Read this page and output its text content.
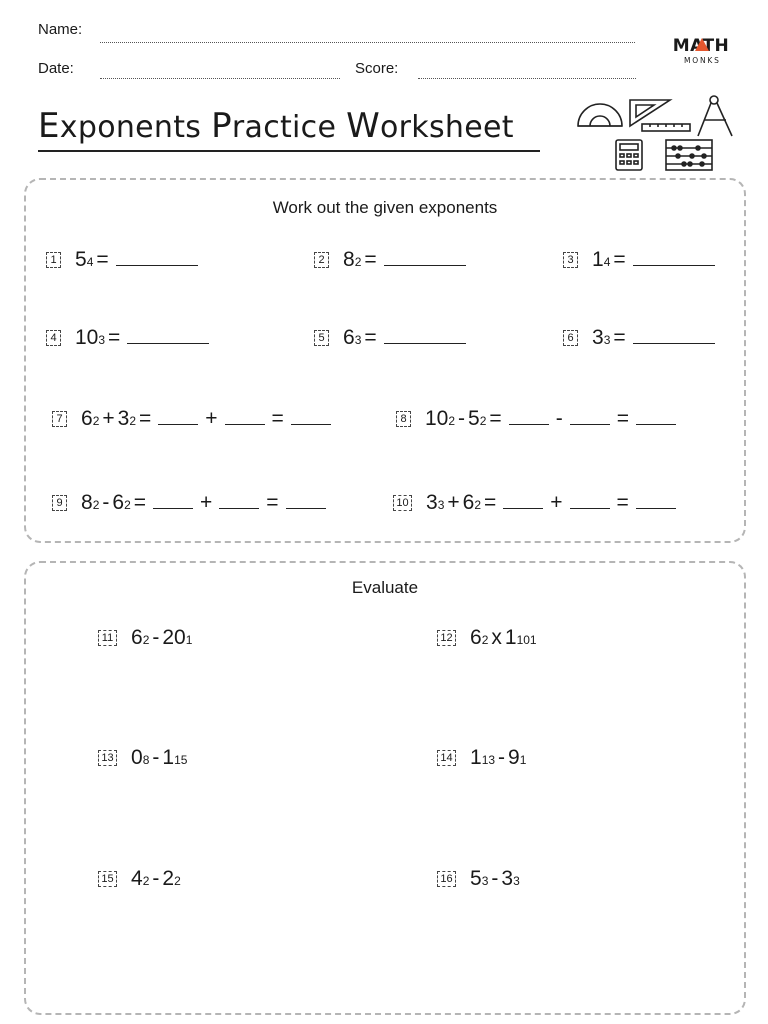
Name:
Date:	Score:
MATH
MONKS
Exponents Practice Worksheet
Work out the given exponents
1 5 4 =	2 8 2 =	3 1 4 =
4 10 3 =	5 6 3 =	6 3 3 =
7 6 2 + 3 2 =	+	=	8 10 2 - 5 2 =	-	=
9 8 2 - 6 2 =	+	=	10 3 3 + 6 2 =	+	=
Evaluate
11 6 2 - 20 1	12 6 2 x 1 101
13 0 8 - 1 15	14 1 13 - 9 1
15 4 2 - 2 2	16 5 3 - 3 3
